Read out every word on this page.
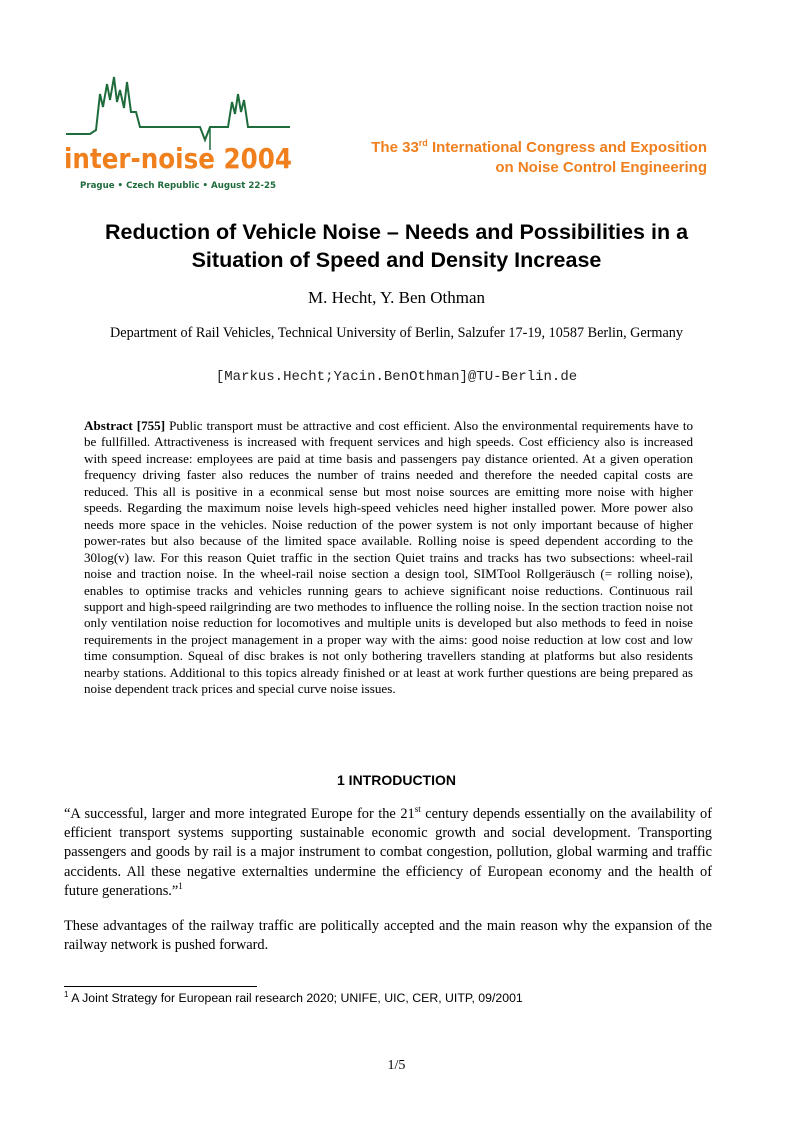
inter-noise 2004
Prague • Czech Republic • August 22-25
The 33rd International Congress and Exposition
on Noise Control Engineering
Reduction of Vehicle Noise – Needs and Possibilities in a
Situation of Speed and Density Increase
M. Hecht, Y. Ben Othman
Department of Rail Vehicles, Technical University of Berlin, Salzufer 17-19, 10587 Berlin, Germany
[Markus.Hecht;Yacin.BenOthman]@TU-Berlin.de
Abstract [755] Public transport must be attractive and cost efficient. Also the environmental requirements have to be fullfilled. Attractiveness is increased with frequent services and high speeds. Cost efficiency also is increased with speed increase: employees are paid at time basis and passengers pay distance oriented. At a given operation frequency driving faster also reduces the number of trains needed and therefore the needed capital costs are reduced. This all is positive in a econmical sense but most noise sources are emitting more noise with higher speeds. Regarding the maximum noise levels high-speed vehicles need higher installed power. More power also needs more space in the vehicles. Noise reduction of the power system is not only important because of higher power-rates but also because of the limited space available. Rolling noise is speed dependent according to the 30log(v) law. For this reason Quiet traffic in the section Quiet trains and tracks has two subsections: wheel-rail noise and traction noise. In the wheel-rail noise section a design tool, SIMTool Rollgeräusch (= rolling noise), enables to optimise tracks and vehicles running gears to achieve significant noise reductions. Continuous rail support and high-speed railgrinding are two methodes to influence the rolling noise. In the section traction noise not only ventilation noise reduction for locomotives and multiple units is developed but also methods to feed in noise requirements in the project management in a proper way with the aims: good noise reduction at low cost and low time consumption. Squeal of disc brakes is not only bothering travellers standing at platforms but also residents nearby stations. Additional to this topics already finished or at least at work further questions are being prepared as noise dependent track prices and special curve noise issues.
1 INTRODUCTION
“A successful, larger and more integrated Europe for the 21st century depends essentially on the availability of efficient transport systems supporting sustainable economic growth and social development. Transporting passengers and goods by rail is a major instrument to combat congestion, pollution, global warming and traffic accidents. All these negative externalties undermine the efficiency of European economy and the health of future generations.”$^1$
These advantages of the railway traffic are politically accepted and the main reason why the expansion of the railway network is pushed forward.
$^1$ A Joint Strategy for European rail research 2020; UNIFE, UIC, CER, UITP, 09/2001
1/5
